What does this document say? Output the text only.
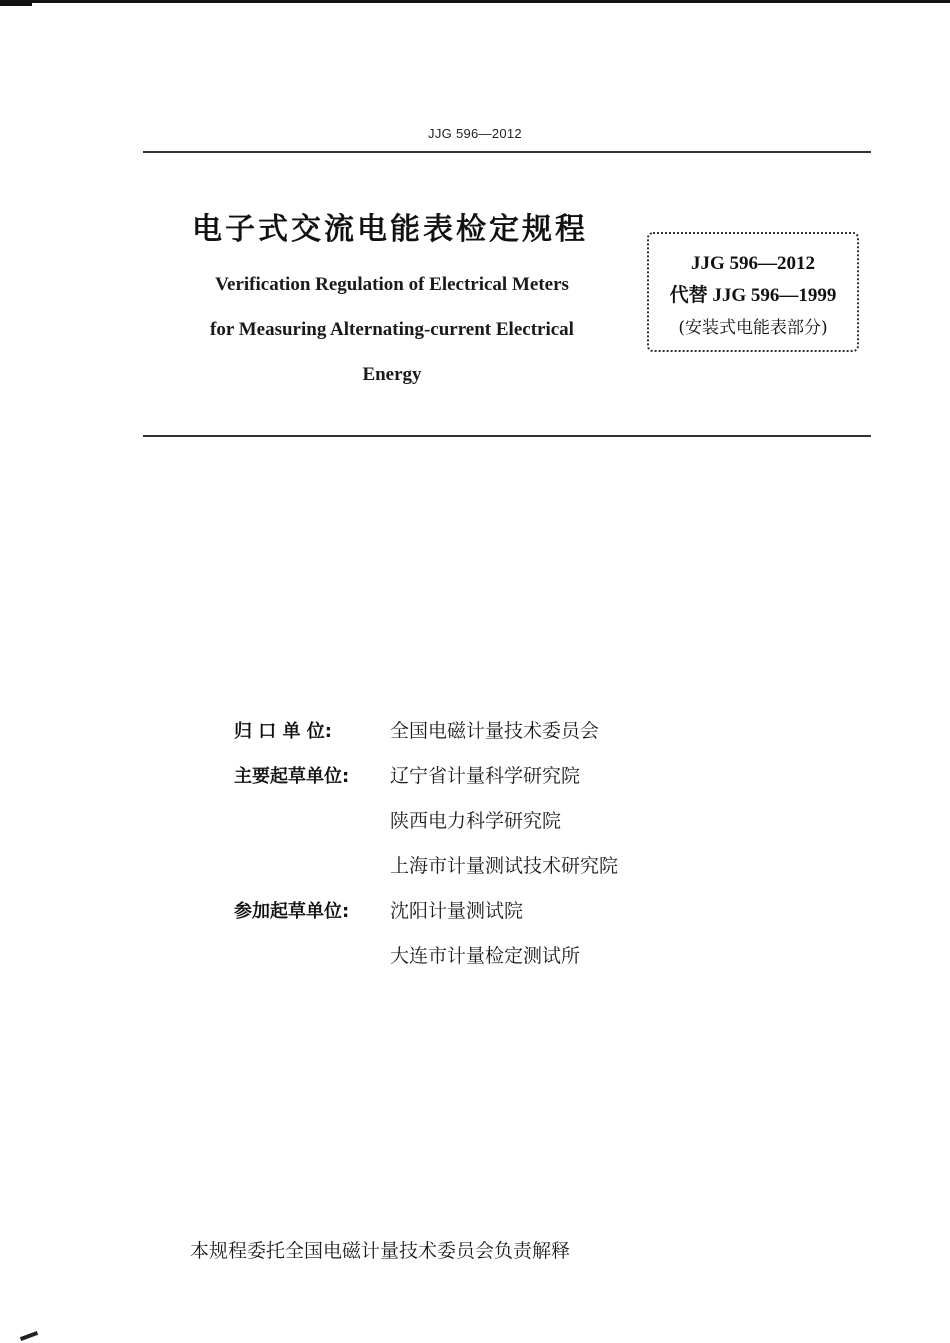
JJG 596—2012
电子式交流电能表检定规程
Verification Regulation of Electrical Meters
for Measuring Alternating-current Electrical
Energy
JJG 596—2012
代替 JJG 596—1999
(安装式电能表部分)
归 口 单 位:	全国电磁计量技术委员会
主要起草单位:	辽宁省计量科学研究院
陕西电力科学研究院
上海市计量测试技术研究院
参加起草单位:	沈阳计量测试院
大连市计量检定测试所
本规程委托全国电磁计量技术委员会负责解释
